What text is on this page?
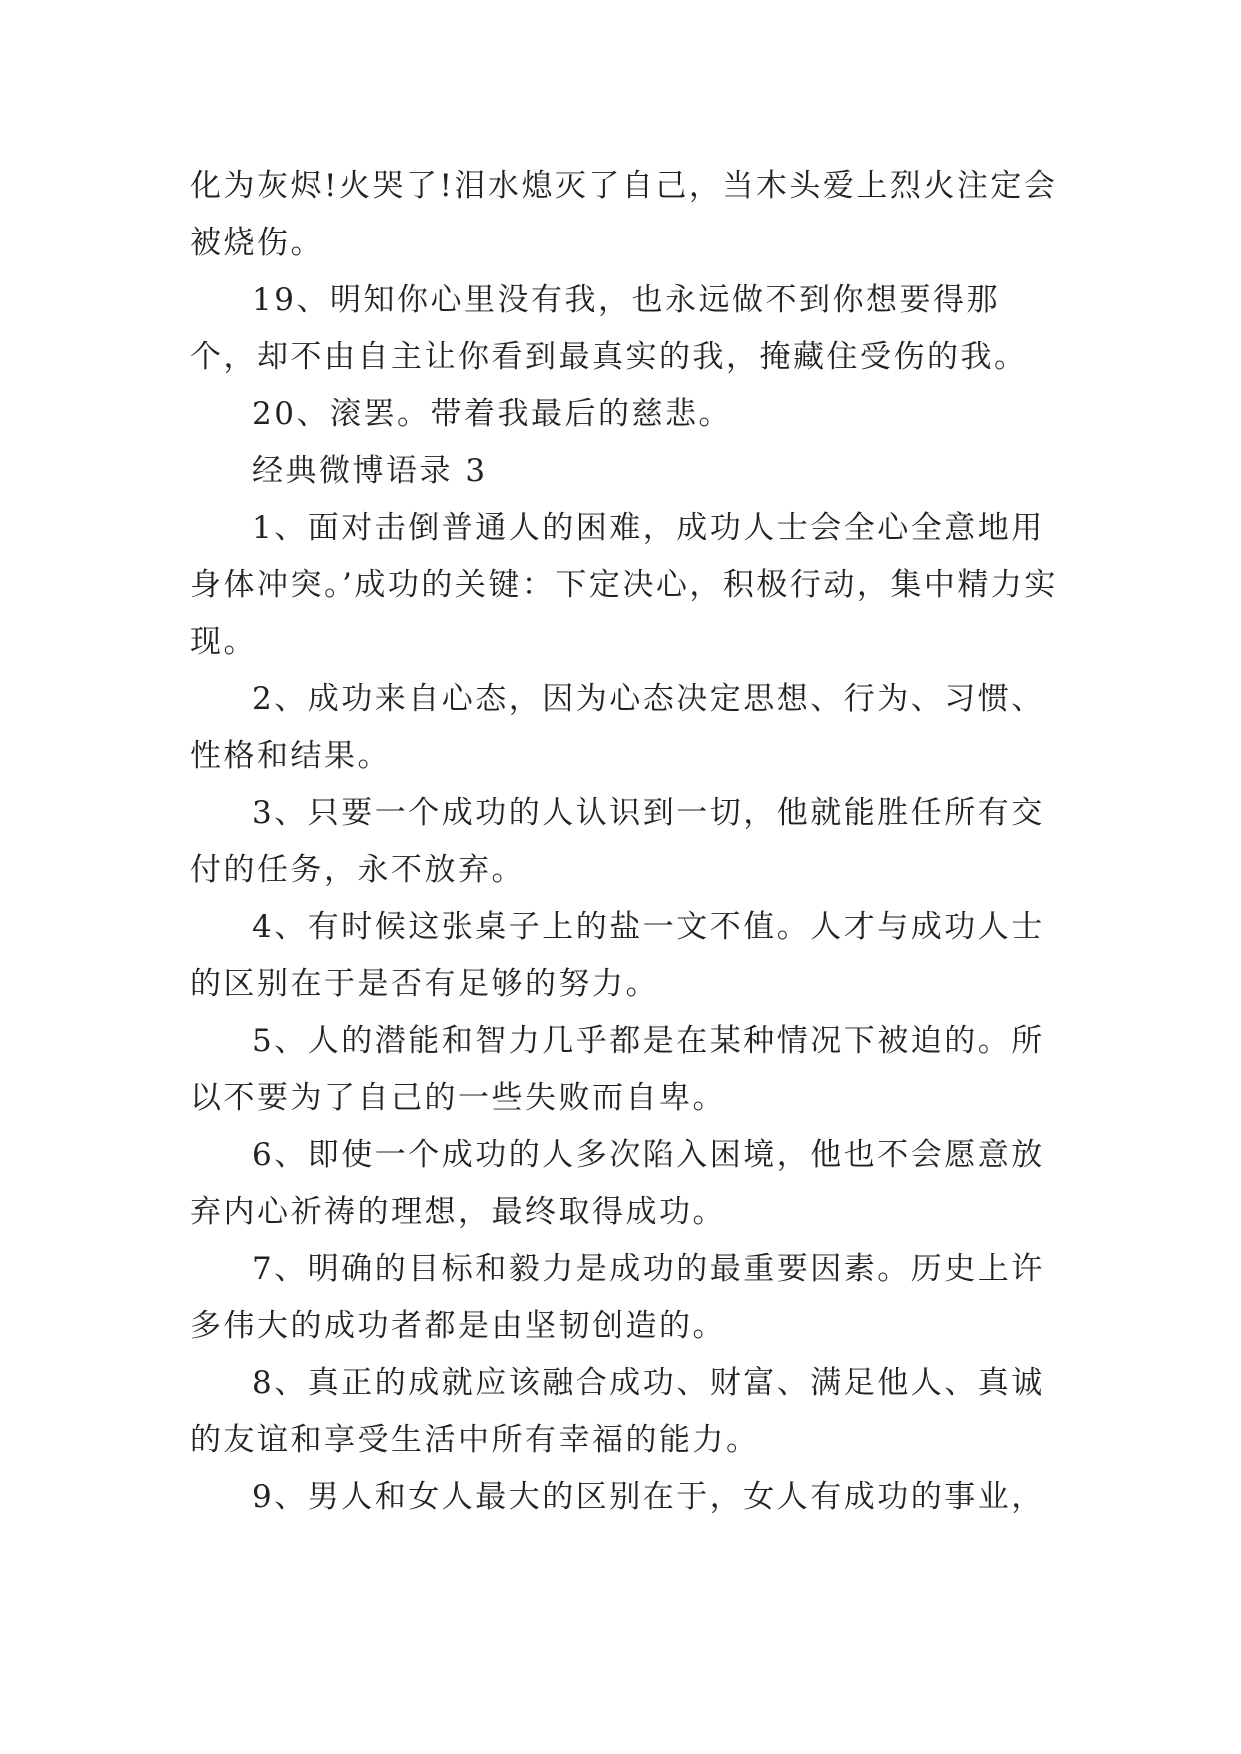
化为灰烬!火哭了!泪水熄灭了自己，当木头爱上烈火注定会被烧伤。

19、明知你心里没有我，也永远做不到你想要得那个，却不由自主让你看到最真实的我，掩藏住受伤的我。

20、滚罢。带着我最后的慈悲。

经典微博语录 3

1、面对击倒普通人的困难，成功人士会全心全意地用身体冲突。’成功的关键：下定决心，积极行动，集中精力实现。

2、成功来自心态，因为心态决定思想、行为、习惯、性格和结果。

3、只要一个成功的人认识到一切，他就能胜任所有交付的任务，永不放弃。

4、有时候这张桌子上的盐一文不值。人才与成功人士的区别在于是否有足够的努力。

5、人的潜能和智力几乎都是在某种情况下被迫的。所以不要为了自己的一些失败而自卑。

6、即使一个成功的人多次陷入困境，他也不会愿意放弃内心祈祷的理想，最终取得成功。

7、明确的目标和毅力是成功的最重要因素。历史上许多伟大的成功者都是由坚韧创造的。

8、真正的成就应该融合成功、财富、满足他人、真诚的友谊和享受生活中所有幸福的能力。

9、男人和女人最大的区别在于，女人有成功的事业，
